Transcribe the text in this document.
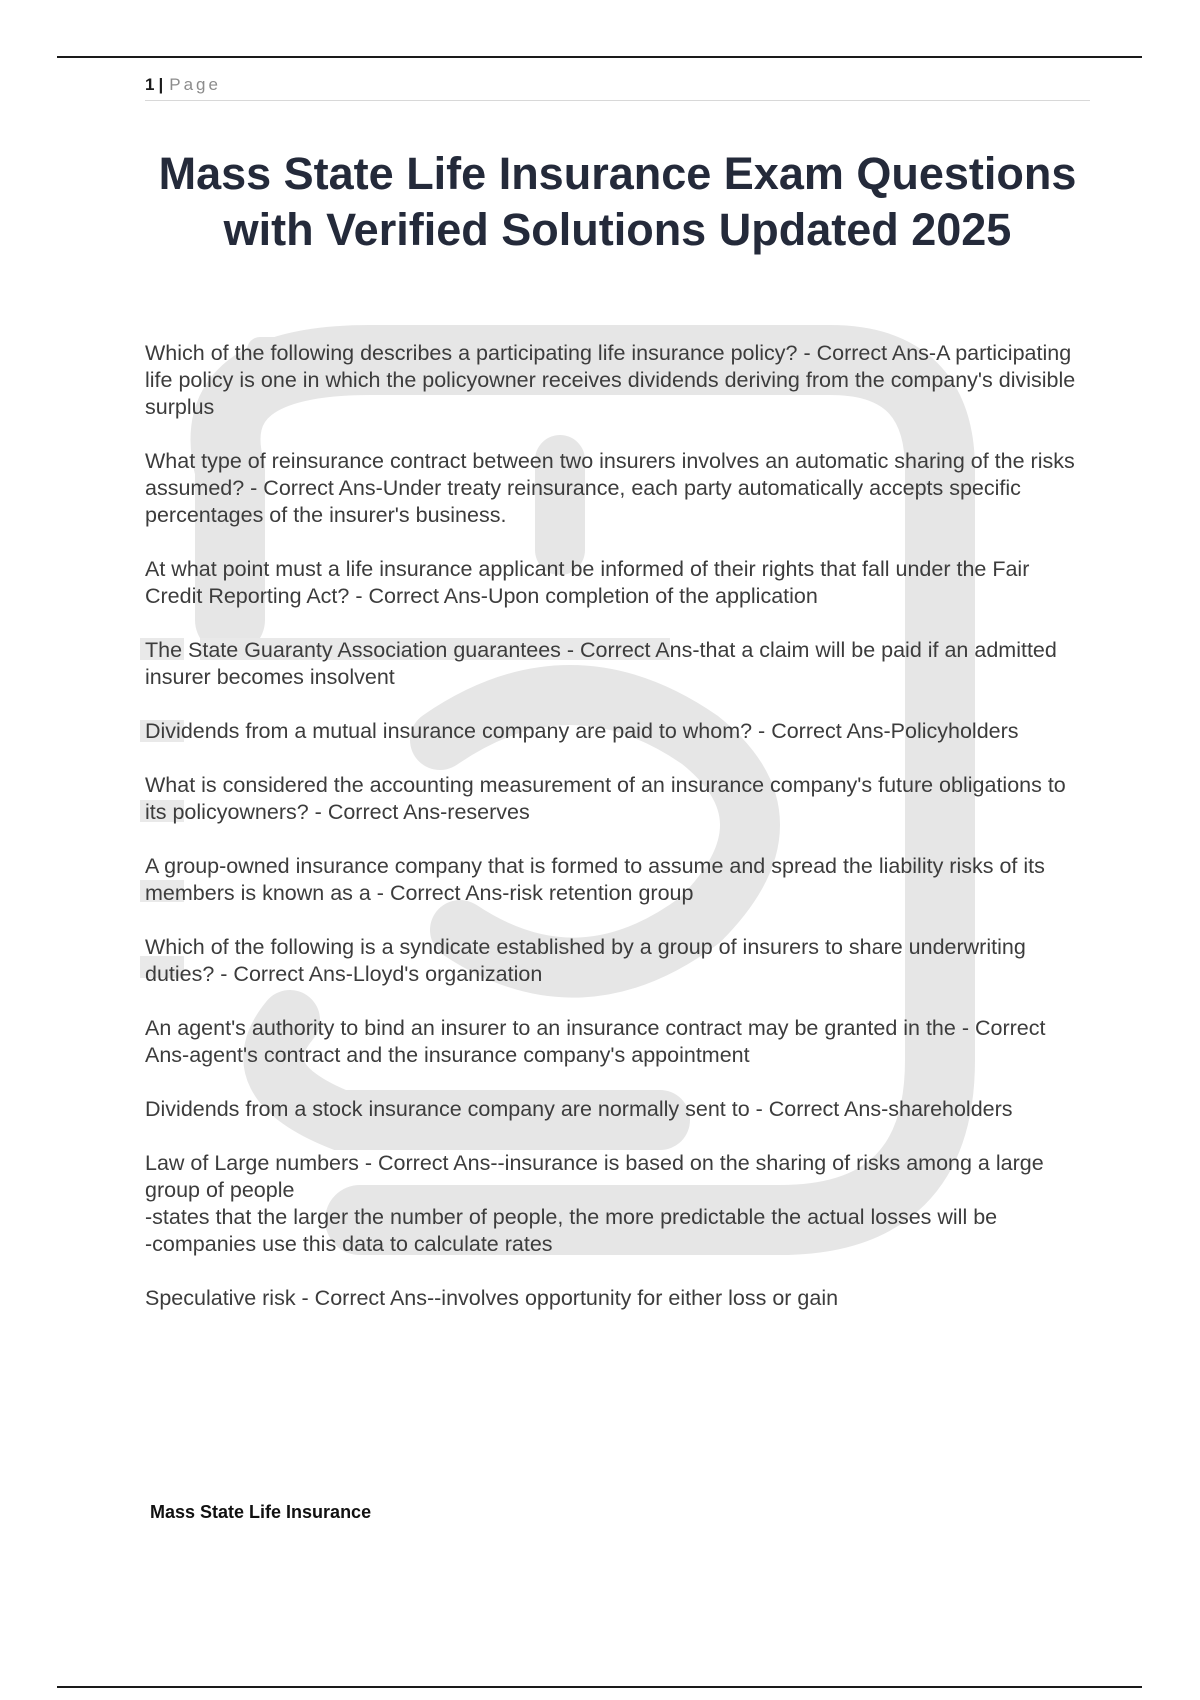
1 | Page
Mass State Life Insurance Exam Questions with Verified Solutions Updated 2025

Which of the following describes a participating life insurance policy? - Correct Ans-A participating life policy is one in which the policyowner receives dividends deriving from the company's divisible surplus

What type of reinsurance contract between two insurers involves an automatic sharing of the risks assumed? - Correct Ans-Under treaty reinsurance, each party automatically accepts specific percentages of the insurer's business.

At what point must a life insurance applicant be informed of their rights that fall under the Fair Credit Reporting Act? - Correct Ans-Upon completion of the application

The State Guaranty Association guarantees - Correct Ans-that a claim will be paid if an admitted insurer becomes insolvent

Dividends from a mutual insurance company are paid to whom? - Correct Ans-Policyholders

What is considered the accounting measurement of an insurance company's future obligations to its policyowners? - Correct Ans-reserves

A group-owned insurance company that is formed to assume and spread the liability risks of its members is known as a - Correct Ans-risk retention group

Which of the following is a syndicate established by a group of insurers to share underwriting duties? - Correct Ans-Lloyd's organization

An agent's authority to bind an insurer to an insurance contract may be granted in the - Correct Ans-agent's contract and the insurance company's appointment

Dividends from a stock insurance company are normally sent to - Correct Ans-shareholders

Law of Large numbers - Correct Ans--insurance is based on the sharing of risks among a large group of people
-states that the larger the number of people, the more predictable the actual losses will be
-companies use this data to calculate rates

Speculative risk - Correct Ans--involves opportunity for either loss or gain

Mass State Life Insurance
